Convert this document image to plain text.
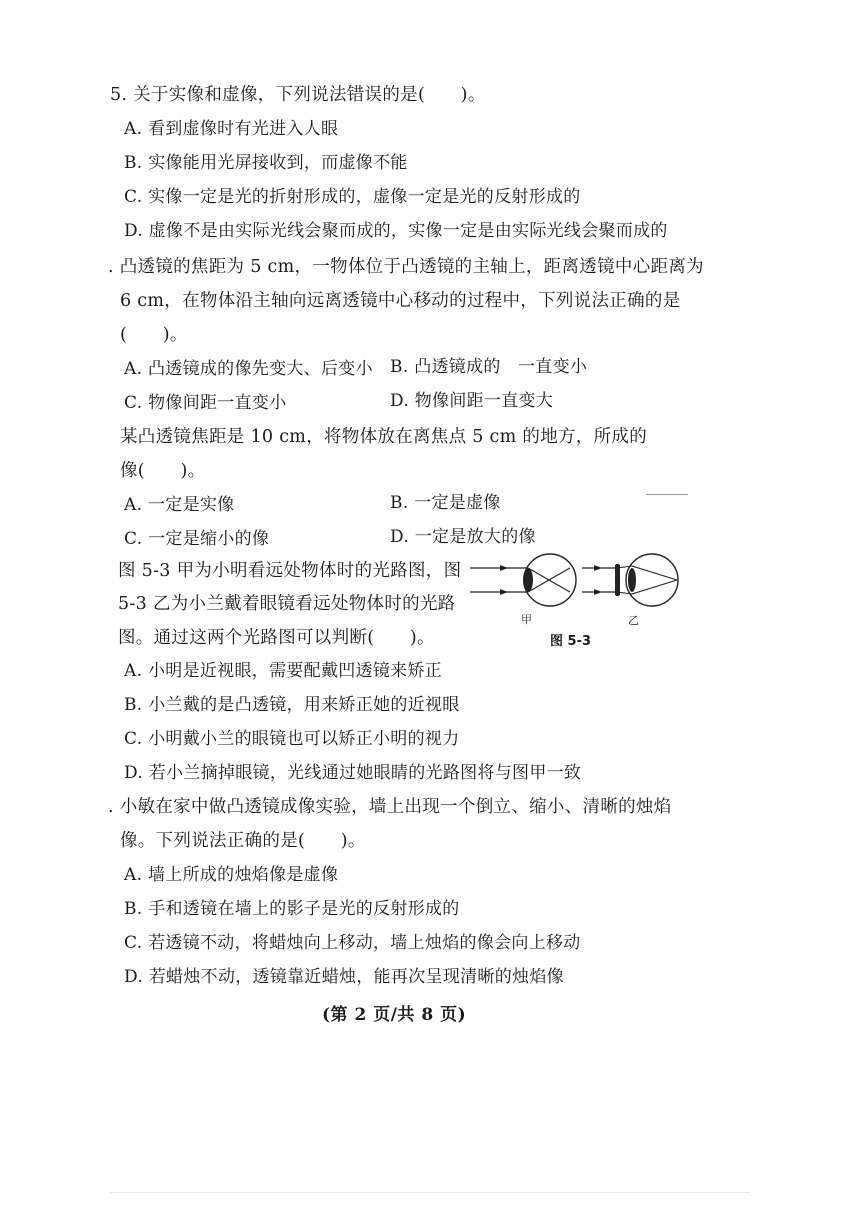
5. 关于实像和虚像，下列说法错误的是(　　)。
A. 看到虚像时有光进入人眼
B. 实像能用光屏接收到，而虚像不能
C. 实像一定是光的折射形成的，虚像一定是光的反射形成的
D. 虚像不是由实际光线会聚而成的，实像一定是由实际光线会聚而成的
. 凸透镜的焦距为 5 cm，一物体位于凸透镜的主轴上，距离透镜中心距离为
6 cm，在物体沿主轴向远离透镜中心移动的过程中，下列说法正确的是
(　　)。
A. 凸透镜成的像先变大、后变小 B. 凸透镜成的　一直变小
C. 物像间距一直变小	D. 物像间距一直变大
某凸透镜焦距是 10 cm，将物体放在离焦点 5 cm 的地方，所成的
像(　　)。
A. 一定是实像	B. 一定是虚像
C. 一定是缩小的像	D. 一定是放大的像
图 5-3 甲为小明看远处物体时的光路图，图
5-3 乙为小兰戴着眼镜看远处物体时的光路
图。通过这两个光路图可以判断(　　)。
甲	乙
图 5-3
A. 小明是近视眼，需要配戴凹透镜来矫正
B. 小兰戴的是凸透镜，用来矫正她的近视眼
C. 小明戴小兰的眼镜也可以矫正小明的视力
D. 若小兰摘掉眼镜，光线通过她眼睛的光路图将与图甲一致
. 小敏在家中做凸透镜成像实验，墙上出现一个倒立、缩小、清晰的烛焰
像。下列说法正确的是(　　)。
A. 墙上所成的烛焰像是虚像
B. 手和透镜在墙上的影子是光的反射形成的
C. 若透镜不动，将蜡烛向上移动，墙上烛焰的像会向上移动
D. 若蜡烛不动，透镜靠近蜡烛，能再次呈现清晰的烛焰像
(第 2 页/共 8 页)
